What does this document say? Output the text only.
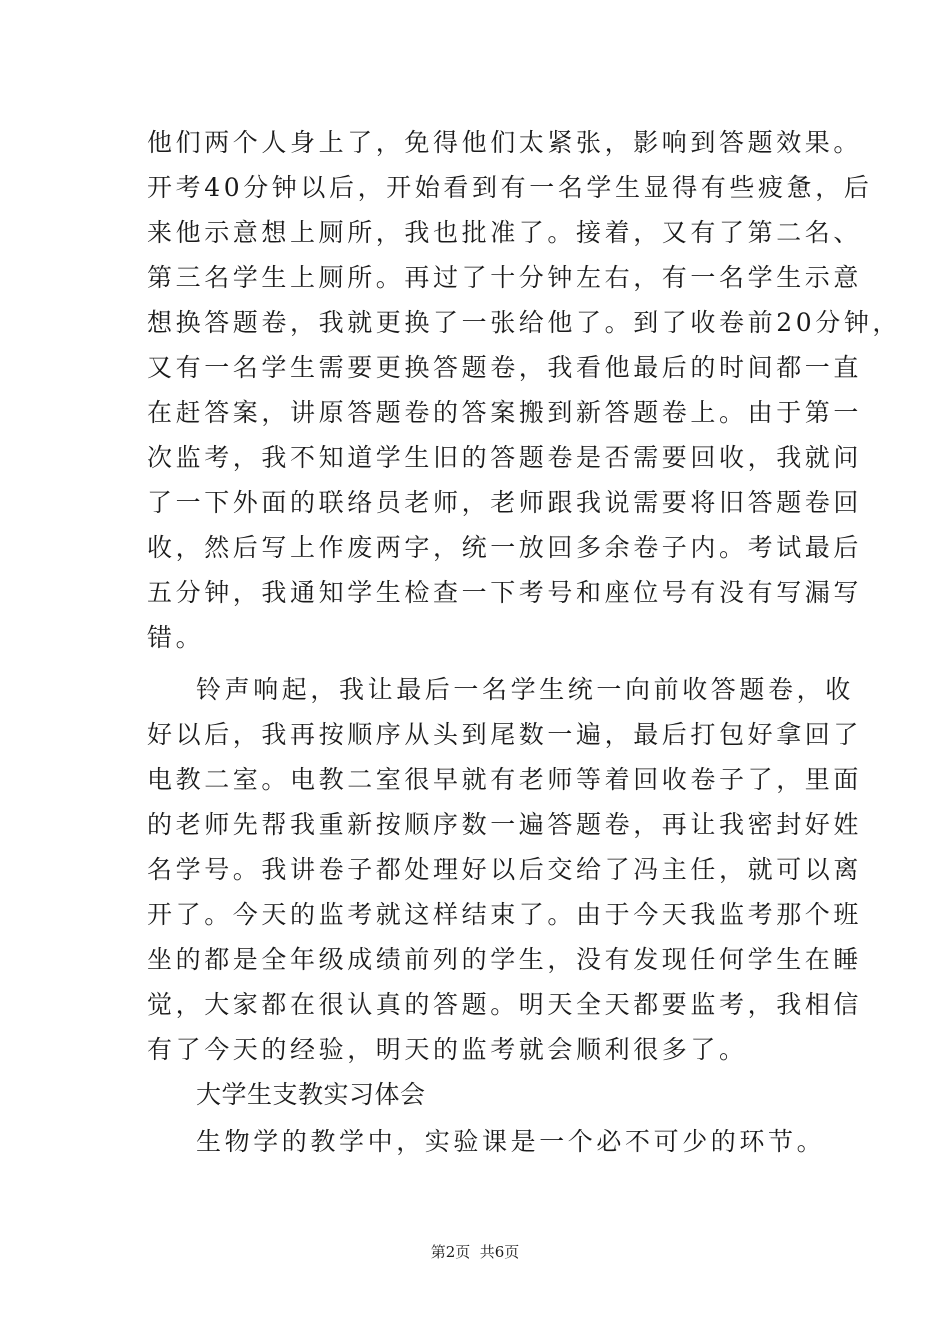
他们两个人身上了，免得他们太紧张，影响到答题效果。
开考40分钟以后，开始看到有一名学生显得有些疲惫，后
来他示意想上厕所，我也批准了。接着，又有了第二名、
第三名学生上厕所。再过了十分钟左右，有一名学生示意
想换答题卷，我就更换了一张给他了。到了收卷前20分钟，
又有一名学生需要更换答题卷，我看他最后的时间都一直
在赶答案，讲原答题卷的答案搬到新答题卷上。由于第一
次监考，我不知道学生旧的答题卷是否需要回收，我就问
了一下外面的联络员老师，老师跟我说需要将旧答题卷回
收，然后写上作废两字，统一放回多余卷子内。考试最后
五分钟，我通知学生检查一下考号和座位号有没有写漏写
错。
铃声响起，我让最后一名学生统一向前收答题卷，收
好以后，我再按顺序从头到尾数一遍，最后打包好拿回了
电教二室。电教二室很早就有老师等着回收卷子了，里面
的老师先帮我重新按顺序数一遍答题卷，再让我密封好姓
名学号。我讲卷子都处理好以后交给了冯主任，就可以离
开了。今天的监考就这样结束了。由于今天我监考那个班
坐的都是全年级成绩前列的学生，没有发现任何学生在睡
觉，大家都在很认真的答题。明天全天都要监考，我相信
有了今天的经验，明天的监考就会顺利很多了。
大学生支教实习体会
生物学的教学中，实验课是一个必不可少的环节。
第2页  共6页
